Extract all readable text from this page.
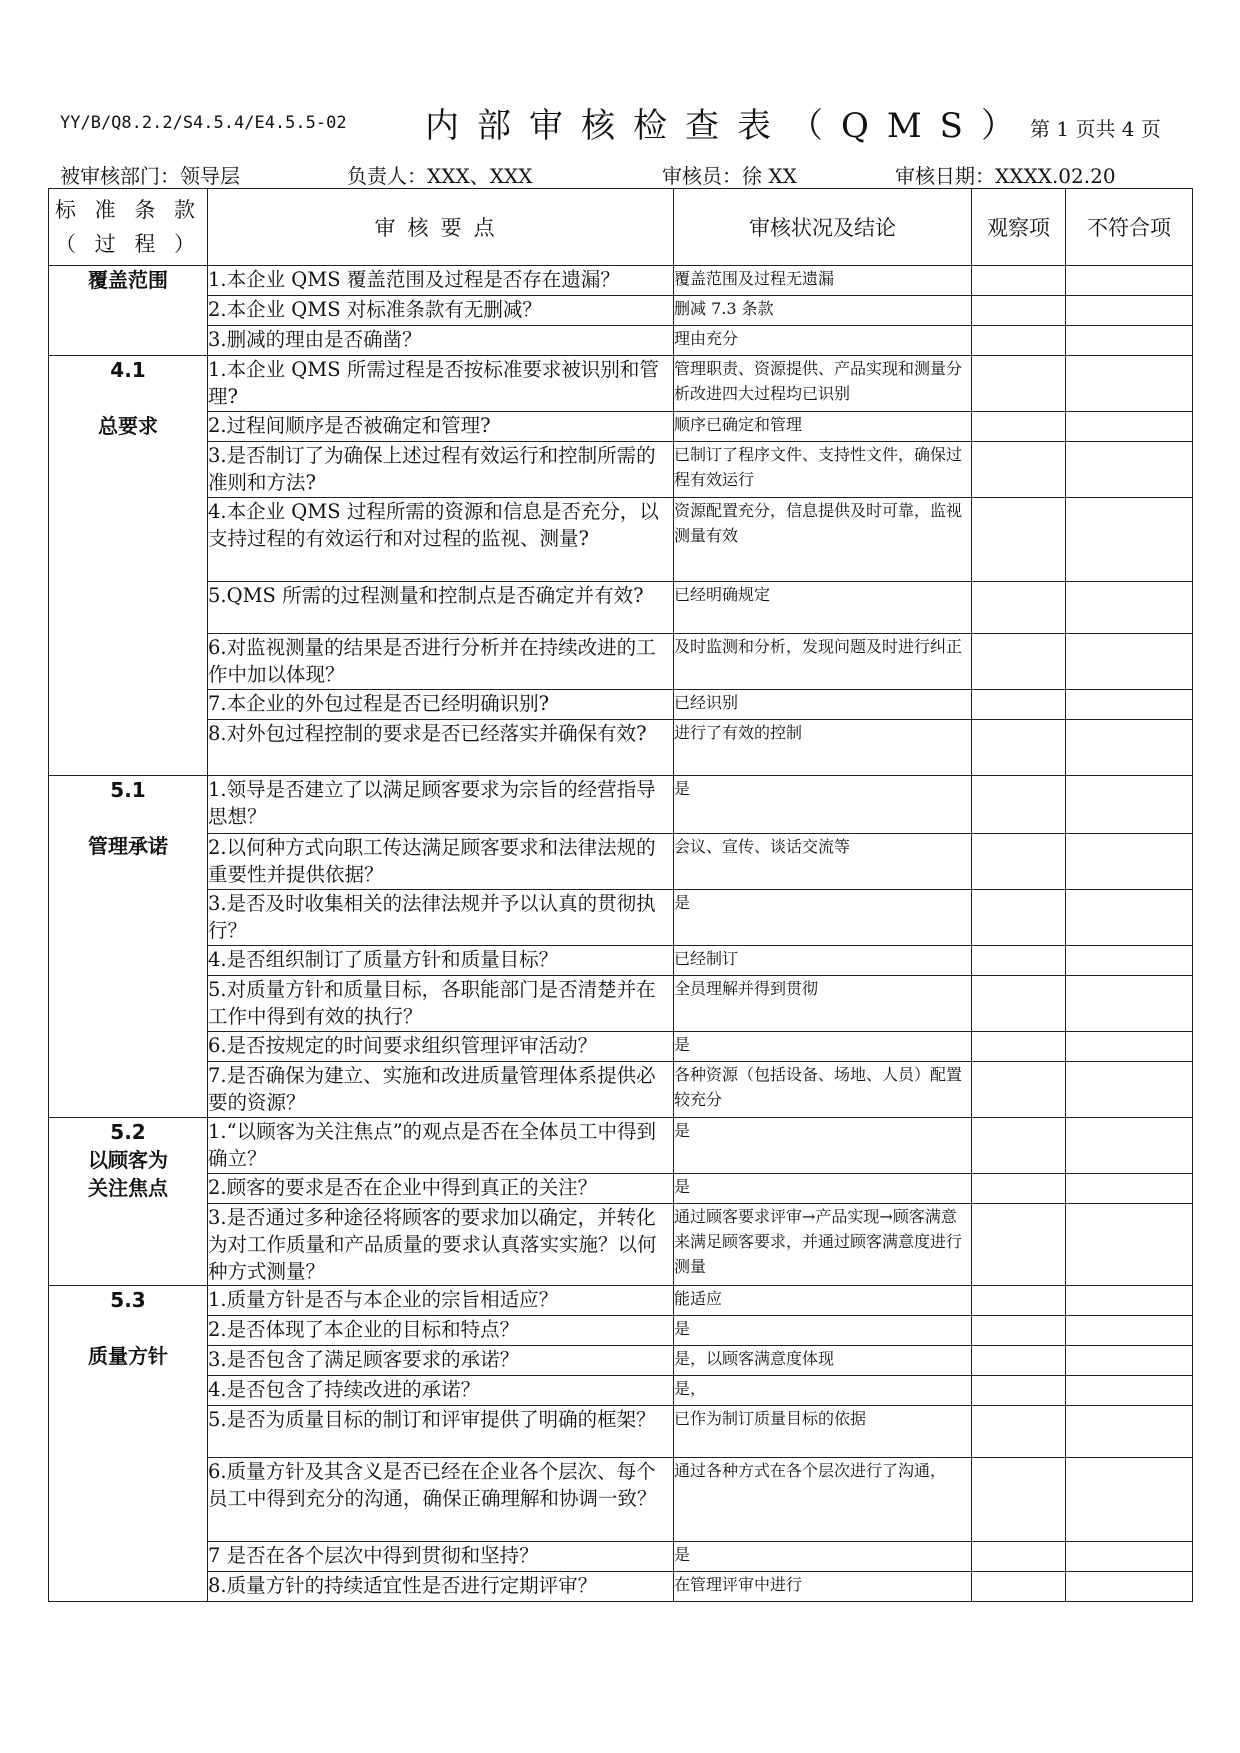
YY/B/Q8.2.2/S4.5.4/E4.5.5-02 内部审核检查表（QMS）
第 1 页共 4 页
被审核部门：领导层	负责人：XXX、XXX	审核员：徐 XX	审核日期：XXXX.02.20
标 准 条 款
（ 过 程 ）	审核要点	审核状况及结论	观察项	不符合项
覆盖范围	1.本企业 QMS 覆盖范围及过程是否存在遗漏？	覆盖范围及过程无遗漏		
	2.本企业 QMS 对标准条款有无删减？	删减 7.3 条款		
	3.删减的理由是否确凿？	理由充分		
4.1

总要求	1.本企业 QMS 所需过程是否按标准要求被识别和管理?	管理职责、资源提供、产品实现和测量分析改进四大过程均已识别		
	2.过程间顺序是否被确定和管理?	顺序已确定和管理		
	3.是否制订了为确保上述过程有效运行和控制所需的准则和方法?	已制订了程序文件、支持性文件，确保过程有效运行		
	4.本企业 QMS 过程所需的资源和信息是否充分，以支持过程的有效运行和对过程的监视、测量?	资源配置充分，信息提供及时可靠，监视测量有效		
	5.QMS 所需的过程测量和控制点是否确定并有效?	已经明确规定		
	6.对监视测量的结果是否进行分析并在持续改进的工作中加以体现？	及时监测和分析，发现问题及时进行纠正		
	7.本企业的外包过程是否已经明确识别?	已经识别		
	8.对外包过程控制的要求是否已经落实并确保有效?	进行了有效的控制		
5.1

管理承诺	1.领导是否建立了以满足顾客要求为宗旨的经营指导思想？	是		
	2.以何种方式向职工传达满足顾客要求和法律法规的重要性并提供依据？	会议、宣传、谈话交流等		
	3.是否及时收集相关的法律法规并予以认真的贯彻执行？	是		
	4.是否组织制订了质量方针和质量目标？	已经制订		
	5.对质量方针和质量目标，各职能部门是否清楚并在工作中得到有效的执行？	全员理解并得到贯彻		
	6.是否按规定的时间要求组织管理评审活动？	是		
	7.是否确保为建立、实施和改进质量管理体系提供必要的资源？	各种资源（包括设备、场地、人员）配置较充分		
5.2
以顾客为
关注焦点	1.“以顾客为关注焦点”的观点是否在全体员工中得到确立？	是		
	2.顾客的要求是否在企业中得到真正的关注？	是		
	3.是否通过多种途径将顾客的要求加以确定，并转化为对工作质量和产品质量的要求认真落实实施？以何种方式测量？	通过顾客要求评审→产品实现→顾客满意来满足顾客要求，并通过顾客满意度进行测量		
5.3

质量方针	1.质量方针是否与本企业的宗旨相适应？	能适应		
	2.是否体现了本企业的目标和特点？	是		
	3.是否包含了满足顾客要求的承诺？	是，以顾客满意度体现		
	4.是否包含了持续改进的承诺？	是，		
	5.是否为质量目标的制订和评审提供了明确的框架？	已作为制订质量目标的依据		
	6.质量方针及其含义是否已经在企业各个层次、每个员工中得到充分的沟通，确保正确理解和协调一致？	通过各种方式在各个层次进行了沟通，		
	7 是否在各个层次中得到贯彻和坚持？	是		
	8.质量方针的持续适宜性是否进行定期评审？	在管理评审中进行		
